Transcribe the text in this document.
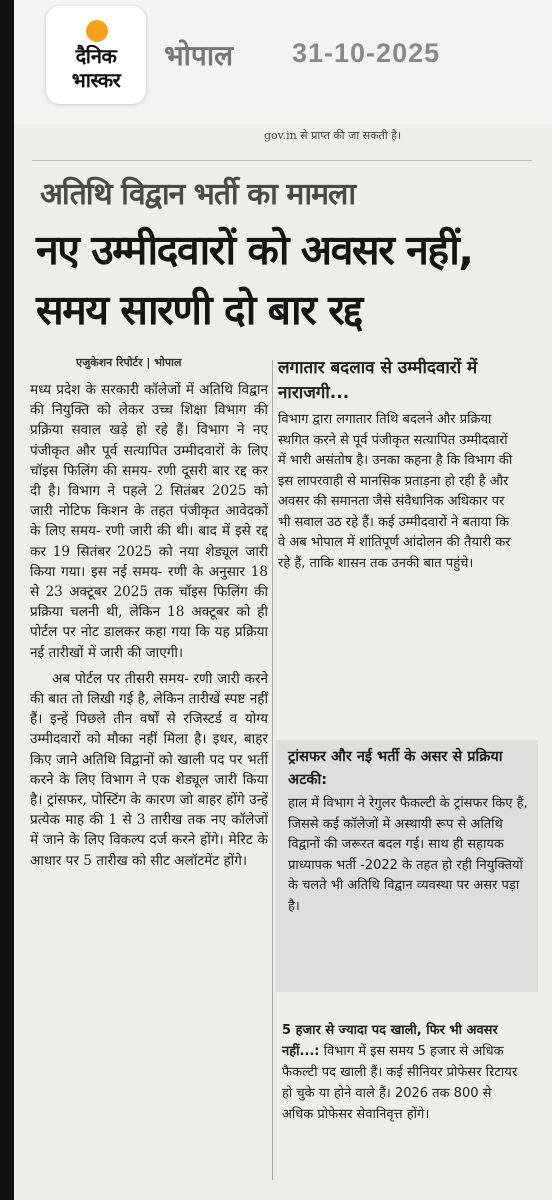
दैनिक
भास्कर
भोपाल 31-10-2025
gov.in से प्राप्त की जा सकती है।
अतिथि विद्वान भर्ती का मामला
नए उम्मीदवारों को अवसर नहीं, समय सारणी दो बार रद्द
एजुकेशन रिपोर्टर | भोपाल

मध्य प्रदेश के सरकारी कॉलेजों में अतिथि विद्वान की नियुक्ति को लेकर उच्च शिक्षा विभाग की प्रक्रिया सवाल खड़े हो रहे हैं। विभाग ने नए पंजीकृत और पूर्व सत्यापित उम्मीदवारों के लिए चॉइस फिलिंग की समय- रणी दूसरी बार रद्द कर दी है। विभाग ने पहले 2 सितंबर 2025 को जारी नोटिफ किशन के तहत पंजीकृत आवेदकों के लिए समय- रणी जारी की थी। बाद में इसे रद्द कर 19 सितंबर 2025 को नया शेड्यूल जारी किया गया। इस नई समय- रणी के अनुसार 18 से 23 अक्टूबर 2025 तक चॉइस फिलिंग की प्रक्रिया चलनी थी, लेकिन 18 अक्टूबर को ही पोर्टल पर नोट डालकर कहा गया कि यह प्रक्रिया नई तारीखों में जारी की जाएगी।

अब पोर्टल पर तीसरी समय- रणी जारी करने की बात तो लिखी गई है, लेकिन तारीखें स्पष्ट नहीं हैं। इन्हें पिछले तीन वर्षों से रजिस्टर्ड व योग्य उम्मीदवारों को मौका नहीं मिला है। इधर, बाहर किए जाने अतिथि विद्वानों को खाली पद पर भर्ती करने के लिए विभाग ने एक शेड्यूल जारी किया है। ट्रांसफर, पोस्टिंग के कारण जो बाहर होंगे उन्हें प्रत्येक माह की 1 से 3 तारीख तक नए कॉलेजों में जाने के लिए विकल्प दर्ज करने होंगे। मेरिट के आधार पर 5 तारीख को सीट अलॉटमेंट होंगे।

लगातार बदलाव से उम्मीदवारों में नाराजगी...

विभाग द्वारा लगातार तिथि बदलने और प्रक्रिया स्थगित करने से पूर्व पंजीकृत सत्यापित उम्मीदवारों में भारी असंतोष है। उनका कहना है कि विभाग की इस लापरवाही से मानसिक प्रताड़ना हो रही है और अवसर की समानता जैसे संवैधानिक अधिकार पर भी सवाल उठ रहे हैं। कई उम्मीदवारों ने बताया कि वे अब भोपाल में शांतिपूर्ण आंदोलन की तैयारी कर रहे हैं, ताकि शासन तक उनकी बात पहुंचे।

ट्रांसफर और नई भर्ती के असर से प्रक्रिया अटकी:

हाल में विभाग ने रेगुलर फैकल्टी के ट्रांसफर किए हैं, जिससे कई कॉलेजों में अस्थायी रूप से अतिथि विद्वानों की जरूरत बदल गई। साथ ही सहायक प्राध्यापक भर्ती -2022 के तहत हो रही नियुक्तियों के चलते भी अतिथि विद्वान व्यवस्था पर असर पड़ा है।

5 हजार से ज्यादा पद खाली, फिर भी अवसर नहीं...: विभाग में इस समय 5 हजार से अधिक फैकल्टी पद खाली हैं। कई सीनियर प्रोफेसर रिटायर हो चुके या होने वाले हैं। 2026 तक 800 से अधिक प्रोफेसर सेवानिवृत्त होंगे।
